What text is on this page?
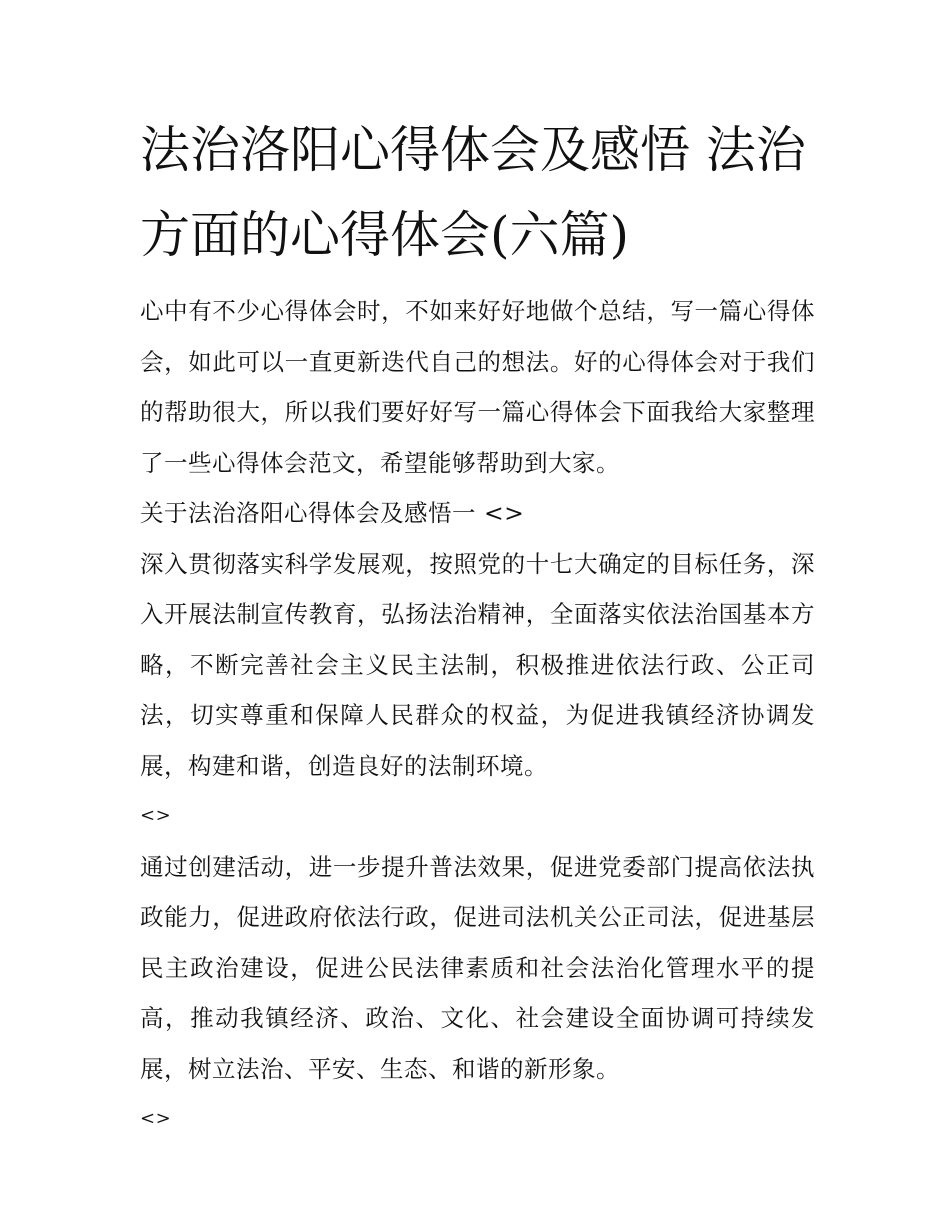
法治洛阳心得体会及感悟 法治方面的心得体会(六篇)

心中有不少心得体会时，不如来好好地做个总结，写一篇心得体会，如此可以一直更新迭代自己的想法。好的心得体会对于我们的帮助很大，所以我们要好好写一篇心得体会下面我给大家整理了一些心得体会范文，希望能够帮助到大家。

关于法治洛阳心得体会及感悟一 <>

深入贯彻落实科学发展观，按照党的十七大确定的目标任务，深入开展法制宣传教育，弘扬法治精神，全面落实依法治国基本方略，不断完善社会主义民主法制，积极推进依法行政、公正司法，切实尊重和保障人民群众的权益，为促进我镇经济协调发展，构建和谐，创造良好的法制环境。

<>

通过创建活动，进一步提升普法效果，促进党委部门提高依法执政能力，促进政府依法行政，促进司法机关公正司法，促进基层民主政治建设，促进公民法律素质和社会法治化管理水平的提高，推动我镇经济、政治、文化、社会建设全面协调可持续发展，树立法治、平安、生态、和谐的新形象。

<>
